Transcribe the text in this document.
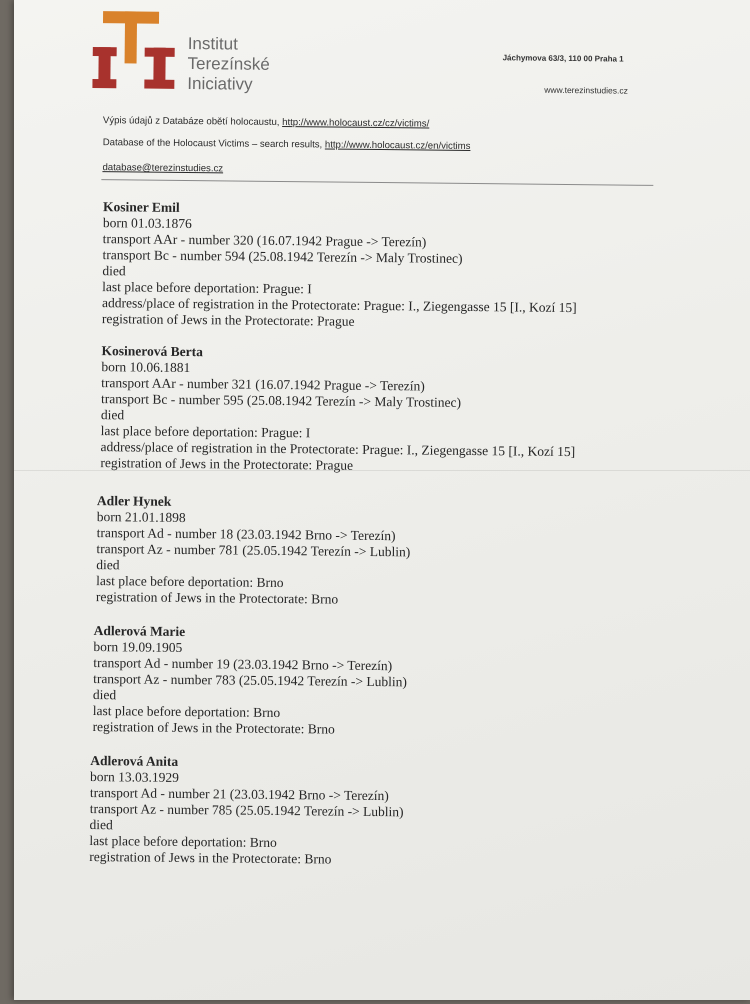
Institut
Terezínské
Iniciativy
Jáchymova 63/3, 110 00 Praha 1
www.terezinstudies.cz
Výpis údajů z Databáze obětí holocaustu, http://www.holocaust.cz/cz/victims/
Database of the Holocaust Victims – search results, http://www.holocaust.cz/en/victims
database@terezinstudies.cz
Kosiner Emil
born 01.03.1876
transport AAr - number 320 (16.07.1942 Prague -> Terezín)
transport Bc - number 594 (25.08.1942 Terezín -> Maly Trostinec)
died
last place before deportation: Prague: I
address/place of registration in the Protectorate: Prague: I., Ziegengasse 15 [I., Kozí 15]
registration of Jews in the Protectorate: Prague
Kosinerová Berta
born 10.06.1881
transport AAr - number 321 (16.07.1942 Prague -> Terezín)
transport Bc - number 595 (25.08.1942 Terezín -> Maly Trostinec)
died
last place before deportation: Prague: I
address/place of registration in the Protectorate: Prague: I., Ziegengasse 15 [I., Kozí 15]
registration of Jews in the Protectorate: Prague
Adler Hynek
born 21.01.1898
transport Ad - number 18 (23.03.1942 Brno -> Terezín)
transport Az - number 781 (25.05.1942 Terezín -> Lublin)
died
last place before deportation: Brno
registration of Jews in the Protectorate: Brno
Adlerová Marie
born 19.09.1905
transport Ad - number 19 (23.03.1942 Brno -> Terezín)
transport Az - number 783 (25.05.1942 Terezín -> Lublin)
died
last place before deportation: Brno
registration of Jews in the Protectorate: Brno
Adlerová Anita
born 13.03.1929
transport Ad - number 21 (23.03.1942 Brno -> Terezín)
transport Az - number 785 (25.05.1942 Terezín -> Lublin)
died
last place before deportation: Brno
registration of Jews in the Protectorate: Brno
